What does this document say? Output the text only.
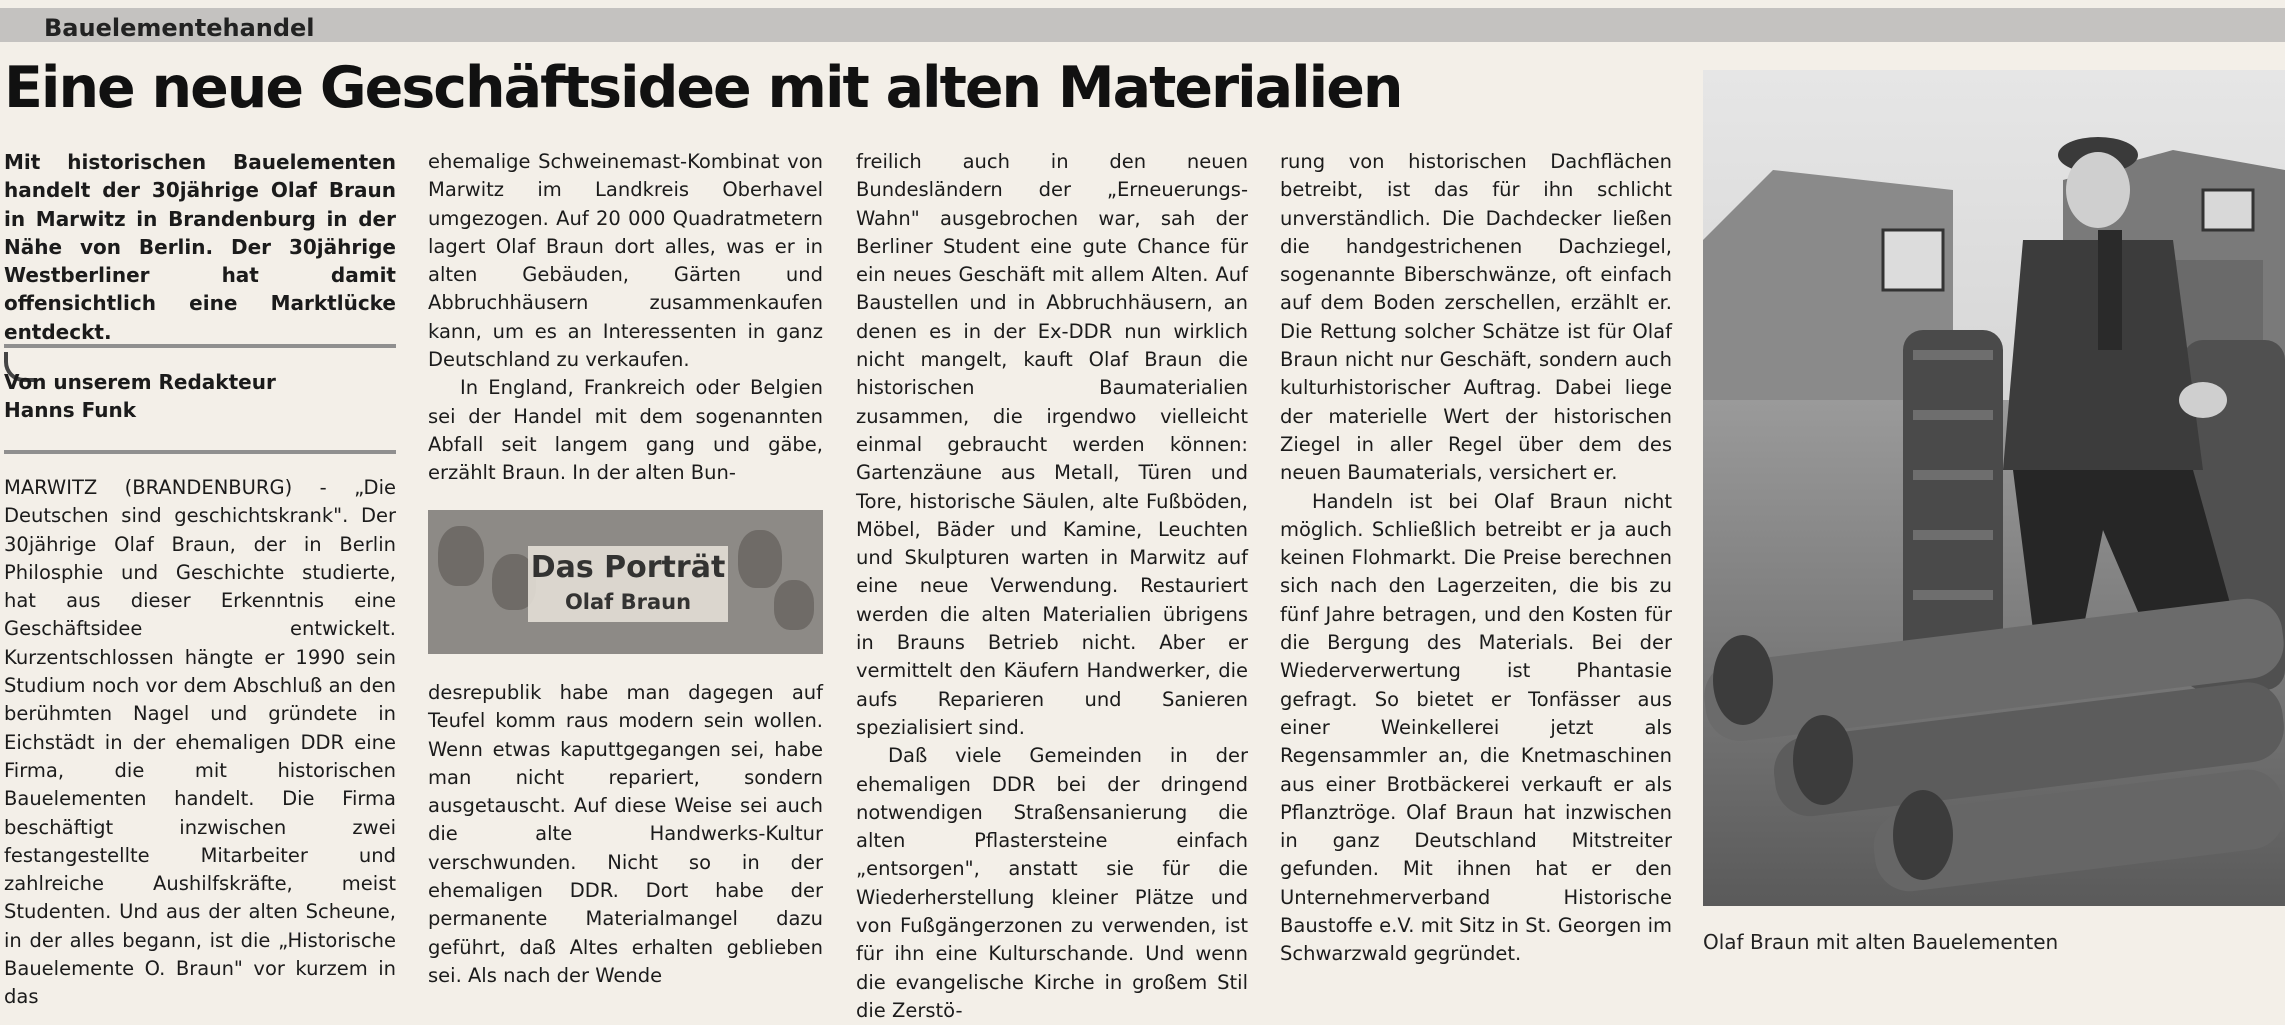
Bauelementehandel
Eine neue Geschäftsidee mit alten Materialien
Mit historischen Bauelementen handelt der 30jährige Olaf Braun in Marwitz in Brandenburg in der Nähe von Berlin. Der 30jährige Westberliner hat damit offensichtlich eine Marktlücke entdeckt.
Von unserem Redakteur
Hanns Funk

MARWITZ (BRANDENBURG) - „Die Deutschen sind geschichtskrank". Der 30jährige Olaf Braun, der in Berlin Philosphie und Geschichte studierte, hat aus dieser Erkenntnis eine Geschäftsidee entwickelt. Kurzentschlossen hängte er 1990 sein Studium noch vor dem Abschluß an den berühmten Nagel und gründete in Eichstädt in der ehemaligen DDR eine Firma, die mit historischen Bauelementen handelt. Die Firma beschäftigt inzwischen zwei festangestellte Mitarbeiter und zahlreiche Aushilfskräfte, meist Studenten. Und aus der alten Scheune, in der alles begann, ist die „Historische Bauelemente O. Braun" vor kurzem in das

ehemalige Schweinemast-Kombinat von Marwitz im Landkreis Oberhavel umgezogen. Auf 20 000 Quadratmetern lagert Olaf Braun dort alles, was er in alten Gebäuden, Gärten und Abbruchhäusern zusammenkaufen kann, um es an Interessenten in ganz Deutschland zu verkaufen.

In England, Frankreich oder Belgien sei der Handel mit dem sogenannten Abfall seit langem gang und gäbe, erzählt Braun. In der alten Bun-

Das Porträt
Olaf Braun

desrepublik habe man dagegen auf Teufel komm raus modern sein wollen. Wenn etwas kaputtgegangen sei, habe man nicht repariert, sondern ausgetauscht. Auf diese Weise sei auch die alte Handwerks-Kultur verschwunden. Nicht so in der ehemaligen DDR. Dort habe der permanente Materialmangel dazu geführt, daß Altes erhalten geblieben sei. Als nach der Wende

freilich auch in den neuen Bundesländern der „Erneuerungs-Wahn" ausgebrochen war, sah der Berliner Student eine gute Chance für ein neues Geschäft mit allem Alten. Auf Baustellen und in Abbruchhäusern, an denen es in der Ex-DDR nun wirklich nicht mangelt, kauft Olaf Braun die historischen Baumaterialien zusammen, die irgendwo vielleicht einmal gebraucht werden können: Gartenzäune aus Metall, Türen und Tore, historische Säulen, alte Fußböden, Möbel, Bäder und Kamine, Leuchten und Skulpturen warten in Marwitz auf eine neue Verwendung. Restauriert werden die alten Materialien übrigens in Brauns Betrieb nicht. Aber er vermittelt den Käufern Handwerker, die aufs Reparieren und Sanieren spezialisiert sind.

Daß viele Gemeinden in der ehemaligen DDR bei der dringend notwendigen Straßensanierung die alten Pflastersteine einfach „entsorgen", anstatt sie für die Wiederherstellung kleiner Plätze und von Fußgängerzonen zu verwenden, ist für ihn eine Kulturschande. Und wenn die evangelische Kirche in großem Stil die Zerstö-

rung von historischen Dachflächen betreibt, ist das für ihn schlicht unverständlich. Die Dachdecker ließen die handgestrichenen Dachziegel, sogenannte Biberschwänze, oft einfach auf dem Boden zerschellen, erzählt er. Die Rettung solcher Schätze ist für Olaf Braun nicht nur Geschäft, sondern auch kulturhistorischer Auftrag. Dabei liege der materielle Wert der historischen Ziegel in aller Regel über dem des neuen Baumaterials, versichert er.

Handeln ist bei Olaf Braun nicht möglich. Schließlich betreibt er ja auch keinen Flohmarkt. Die Preise berechnen sich nach den Lagerzeiten, die bis zu fünf Jahre betragen, und den Kosten für die Bergung des Materials. Bei der Wiederverwertung ist Phantasie gefragt. So bietet er Tonfässer aus einer Weinkellerei jetzt als Regensammler an, die Knetmaschinen aus einer Brotbäckerei verkauft er als Pflanztröge. Olaf Braun hat inzwischen in ganz Deutschland Mitstreiter gefunden. Mit ihnen hat er den Unternehmerverband Historische Baustoffe e.V. mit Sitz in St. Georgen im Schwarzwald gegründet.	Olaf Braun mit alten Bauelementen
